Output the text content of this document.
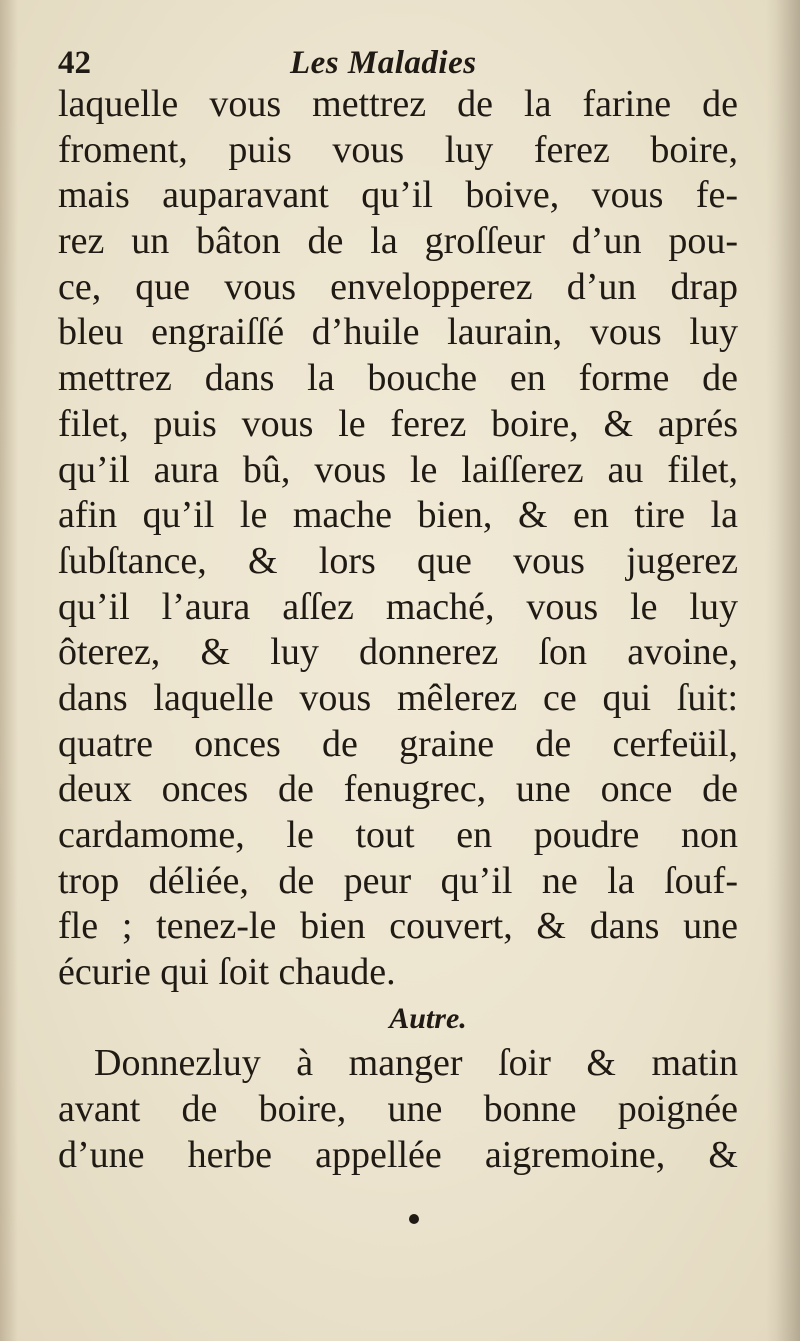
42	Les Maladies
laquelle vous mettrez de la farine de
froment, puis vous luy ferez boire,
mais auparavant qu’il boive, vous fe-
rez un bâton de la groſſeur d’un pou-
ce, que vous envelopperez d’un drap
bleu engraiſſé d’huile laurain, vous luy
mettrez dans la bouche en forme de
filet, puis vous le ferez boire, & aprés
qu’il aura bû, vous le laiſſerez au filet,
afin qu’il le mache bien, & en tire la
ſubſtance, & lors que vous jugerez
qu’il l’aura aſſez maché, vous le luy
ôterez, & luy donnerez ſon avoine,
dans laquelle vous mêlerez ce qui ſuit:
quatre onces de graine de cerfeüil,
deux onces de fenugrec, une once de
cardamome, le tout en poudre non
trop déliée, de peur qu’il ne la ſouf-
fle ; tenez-le bien couvert, & dans une
écurie qui ſoit chaude.
Autre.
Donnezluy à manger ſoir & matin
avant de boire, une bonne poignée
d’une herbe appellée aigremoine, &
